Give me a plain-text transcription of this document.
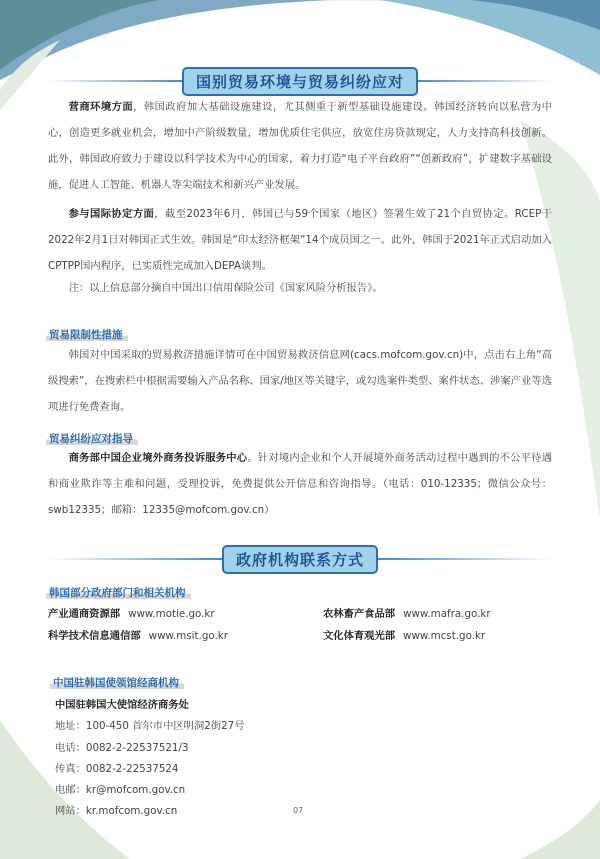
国别贸易环境与贸易纠纷应对
营商环境方面，韩国政府加大基础设施建设，尤其侧重于新型基础设施建设。韩国经济转向以私营为中心，创造更多就业机会，增加中产阶级数量，增加优质住宅供应，放宽住房贷款规定，人力支持高科技创新。此外，韩国政府致力于建设以科学技术为中心的国家，着力打造“电子平台政府”“创新政府”，扩建数字基础设施，促进人工智能、机器人等尖端技术和新兴产业发展。
参与国际协定方面，截至2023年6月，韩国已与59个国家（地区）签署生效了21个自贸协定。RCEP于2022年2月1日对韩国正式生效。韩国是“印太经济框架”14个成员国之一。此外，韩国于2021年正式启动加入CPTPP国内程序，已实质性完成加入DEPA谈判。
注：以上信息部分摘自中国出口信用保险公司《国家风险分析报告》。
贸易限制性措施
韩国对中国采取的贸易救济措施详情可在中国贸易救济信息网(cacs.mofcom.gov.cn)中，点击右上角“高级搜索”，在搜索栏中根据需要输入产品名称、国家/地区等关键字，或勾选案件类型、案件状态、涉案产业等选项进行免费查询。
贸易纠纷应对指导
商务部中国企业境外商务投诉服务中心。针对境内企业和个人开展境外商务活动过程中遇到的不公平待遇和商业欺诈等主难和问题，受理投诉，免费提供公开信息和咨询指导。（电话：010-12335；微信公众号：swb12335；邮箱：12335@mofcom.gov.cn）
政府机构联系方式
韩国部分政府部门和相关机构
产业通商资源部 www.motie.go.kr	农林畜产食品部 www.mafra.go.kr
科学技术信息通信部 www.msit.go.kr	文化体育观光部 www.mcst.go.kr
中国驻韩国使领馆经商机构
中国驻韩国大使馆经济商务处
地址：100-450 首尔市中区明洞2街27号
电话：0082-2-22537521/3
传真：0082-2-22537524
电邮：kr@mofcom.gov.cn
网站：kr.mofcom.gov.cn	07
